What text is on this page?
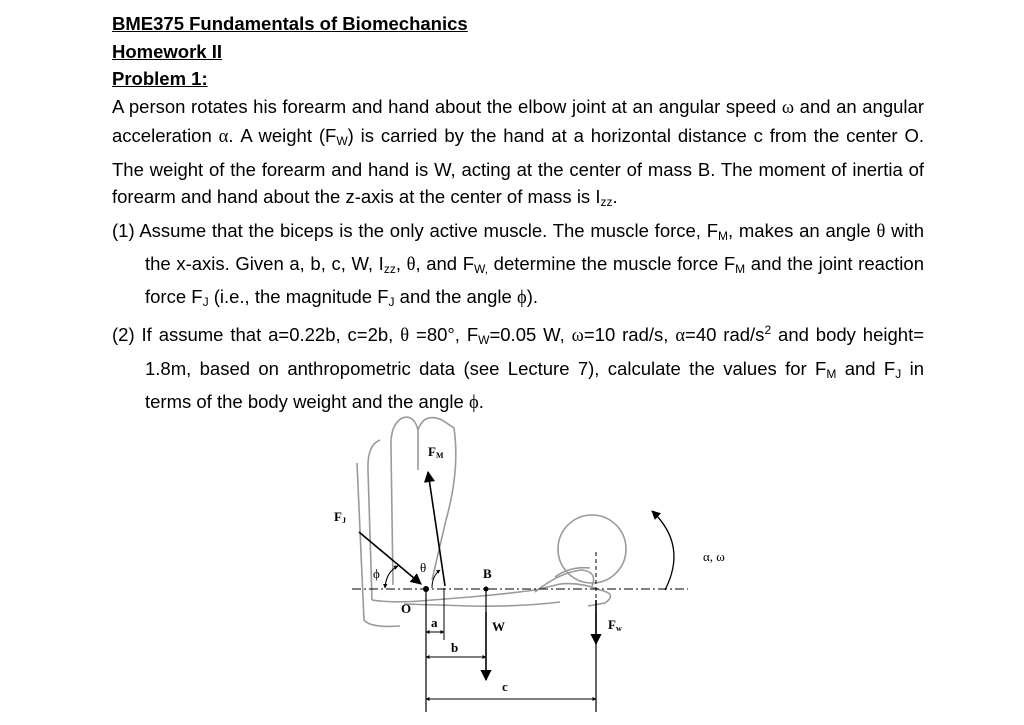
BME375 Fundamentals of Biomechanics
Homework II
Problem 1:

A person rotates his forearm and hand about the elbow joint at an angular speed ω and an angular acceleration α. A weight $(F_W)$ is carried by the hand at a horizontal distance c from the center O. The weight of the forearm and hand is W, acting at the center of mass B. The moment of inertia of forearm and hand about the z-axis at the center of mass is $I_{zz}$.

(1) Assume that the biceps is the only active muscle. The muscle force, $F_M$, makes an angle θ with the x-axis. Given a, b, c, W, $I_{zz}$, θ, and $F_{W,}$ determine the muscle force $F_M$ and the joint reaction force $F_J$ (i.e., the magnitude $F_J$ and the angle ϕ).

(2) If assume that a=0.22b, c=2b, θ =80°, $F_W=0.05$ W, ω=10 rad/s, α=40 rad/$s^2$ and body height= 1.8m, based on anthropometric data (see Lecture 7), calculate the values for $F_M$ and $F_J$ in terms of the body weight and the angle ϕ.

FM
FJ
ϕ	θ
O
B
a
b
c
W	Fw
α, ω
